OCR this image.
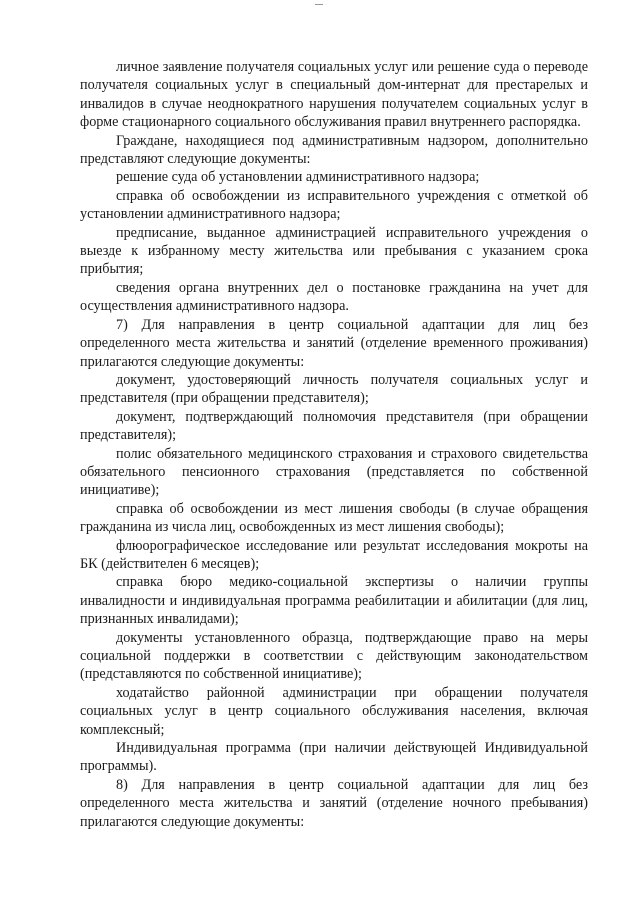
личное заявление получателя социальных услуг или решение суда о переводе получателя социальных услуг в специальный дом-интернат для престарелых и инвалидов в случае неоднократного нарушения получателем социальных услуг в форме стационарного социального обслуживания правил внутреннего распорядка.

Граждане, находящиеся под административным надзором, дополнительно представляют следующие документы:

решение суда об установлении административного надзора;

справка об освобождении из исправительного учреждения с отметкой об установлении административного надзора;

предписание, выданное администрацией исправительного учреждения о выезде к избранному месту жительства или пребывания с указанием срока прибытия;

сведения органа внутренних дел о постановке гражданина на учет для осуществления административного надзора.

7) Для направления в центр социальной адаптации для лиц без определенного места жительства и занятий (отделение временного проживания) прилагаются следующие документы:

документ, удостоверяющий личность получателя социальных услуг и представителя (при обращении представителя);

документ, подтверждающий полномочия представителя (при обращении представителя);

полис обязательного медицинского страхования и страхового свидетельства обязательного пенсионного страхования (представляется по собственной инициативе);

справка об освобождении из мест лишения свободы (в случае обращения гражданина из числа лиц, освобожденных из мест лишения свободы);

флюорографическое исследование или результат исследования мокроты на БК (действителен 6 месяцев);

справка бюро медико-социальной экспертизы о наличии группы инвалидности и индивидуальная программа реабилитации и абилитации (для лиц, признанных инвалидами);

документы установленного образца, подтверждающие право на меры социальной поддержки в соответствии с действующим законодательством (представляются по собственной инициативе);

ходатайство районной администрации при обращении получателя социальных услуг в центр социального обслуживания населения, включая комплексный;

Индивидуальная программа (при наличии действующей Индивидуальной программы).

8) Для направления в центр социальной адаптации для лиц без определенного места жительства и занятий (отделение ночного пребывания) прилагаются следующие документы:
